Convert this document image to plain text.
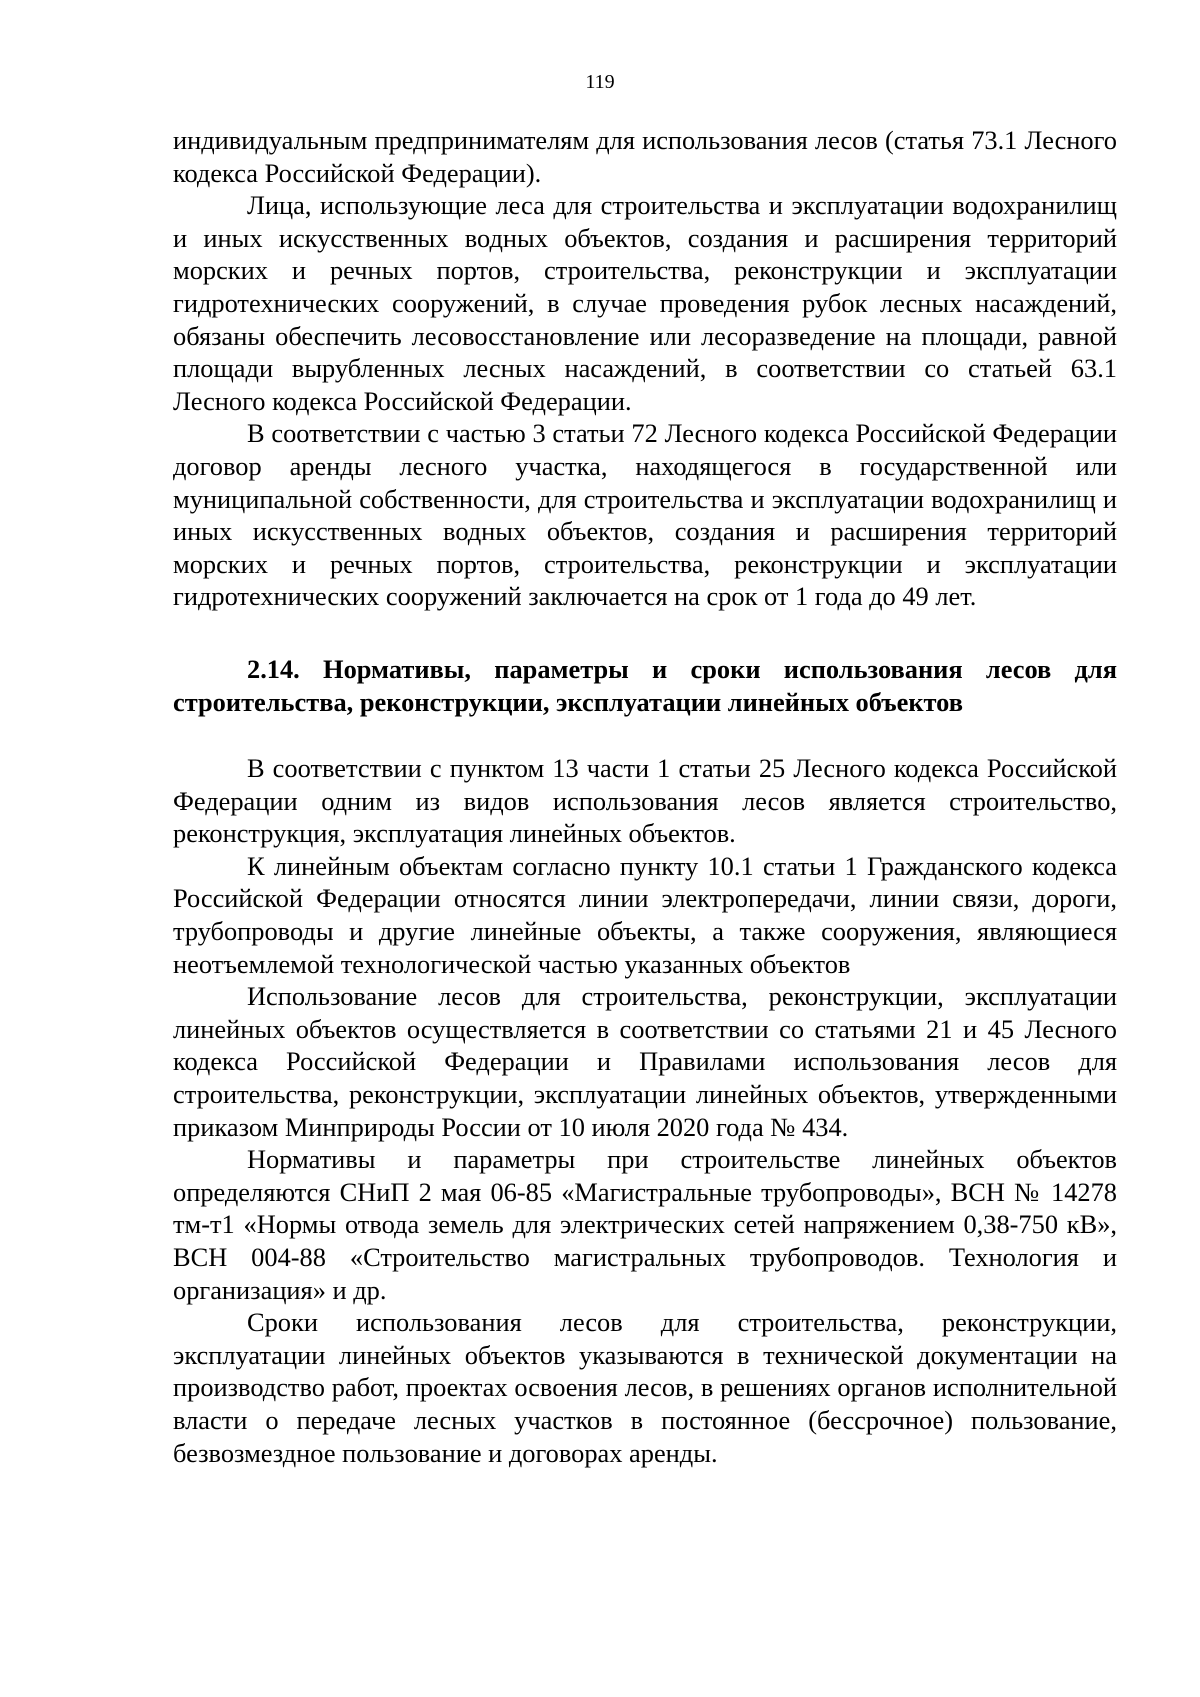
119

индивидуальным предпринимателям для использования лесов (статья 73.1 Лесного кодекса Российской Федерации).

Лица, использующие леса для строительства и эксплуатации водохранилищ и иных искусственных водных объектов, создания и расширения территорий морских и речных портов, строительства, реконструкции и эксплуатации гидротехнических сооружений, в случае проведения рубок лесных насаждений, обязаны обеспечить лесовосстановление или лесоразведение на площади, равной площади вырубленных лесных насаждений, в соответствии со статьей 63.1 Лесного кодекса Российской Федерации.

В соответствии с частью 3 статьи 72 Лесного кодекса Российской Федерации договор аренды лесного участка, находящегося в государственной или муниципальной собственности, для строительства и эксплуатации водохранилищ и иных искусственных водных объектов, создания и расширения территорий морских и речных портов, строительства, реконструкции и эксплуатации гидротехнических сооружений заключается на срок от 1 года до 49 лет.

2.14. Нормативы, параметры и сроки использования лесов для строительства, реконструкции, эксплуатации линейных объектов

В соответствии с пунктом 13 части 1 статьи 25 Лесного кодекса Российской Федерации одним из видов использования лесов является строительство, реконструкция, эксплуатация линейных объектов.

К линейным объектам согласно пункту 10.1 статьи 1 Гражданского кодекса Российской Федерации относятся линии электропередачи, линии связи, дороги, трубопроводы и другие линейные объекты, а также сооружения, являющиеся неотъемлемой технологической частью указанных объектов

Использование лесов для строительства, реконструкции, эксплуатации линейных объектов осуществляется в соответствии со статьями 21 и 45 Лесного кодекса Российской Федерации и Правилами использования лесов для строительства, реконструкции, эксплуатации линейных объектов, утвержденными приказом Минприроды России от 10 июля 2020 года № 434.

Нормативы и параметры при строительстве линейных объектов определяются СНиП 2 мая 06-85 «Магистральные трубопроводы», ВСН № 14278 тм-т1 «Нормы отвода земель для электрических сетей напряжением 0,38-750 кВ», ВСН 004-88 «Строительство магистральных трубопроводов. Технология и организация» и др.

Сроки использования лесов для строительства, реконструкции, эксплуатации линейных объектов указываются в технической документации на производство работ, проектах освоения лесов, в решениях органов исполнительной власти о передаче лесных участков в постоянное (бессрочное) пользование, безвозмездное пользование и договорах аренды.
